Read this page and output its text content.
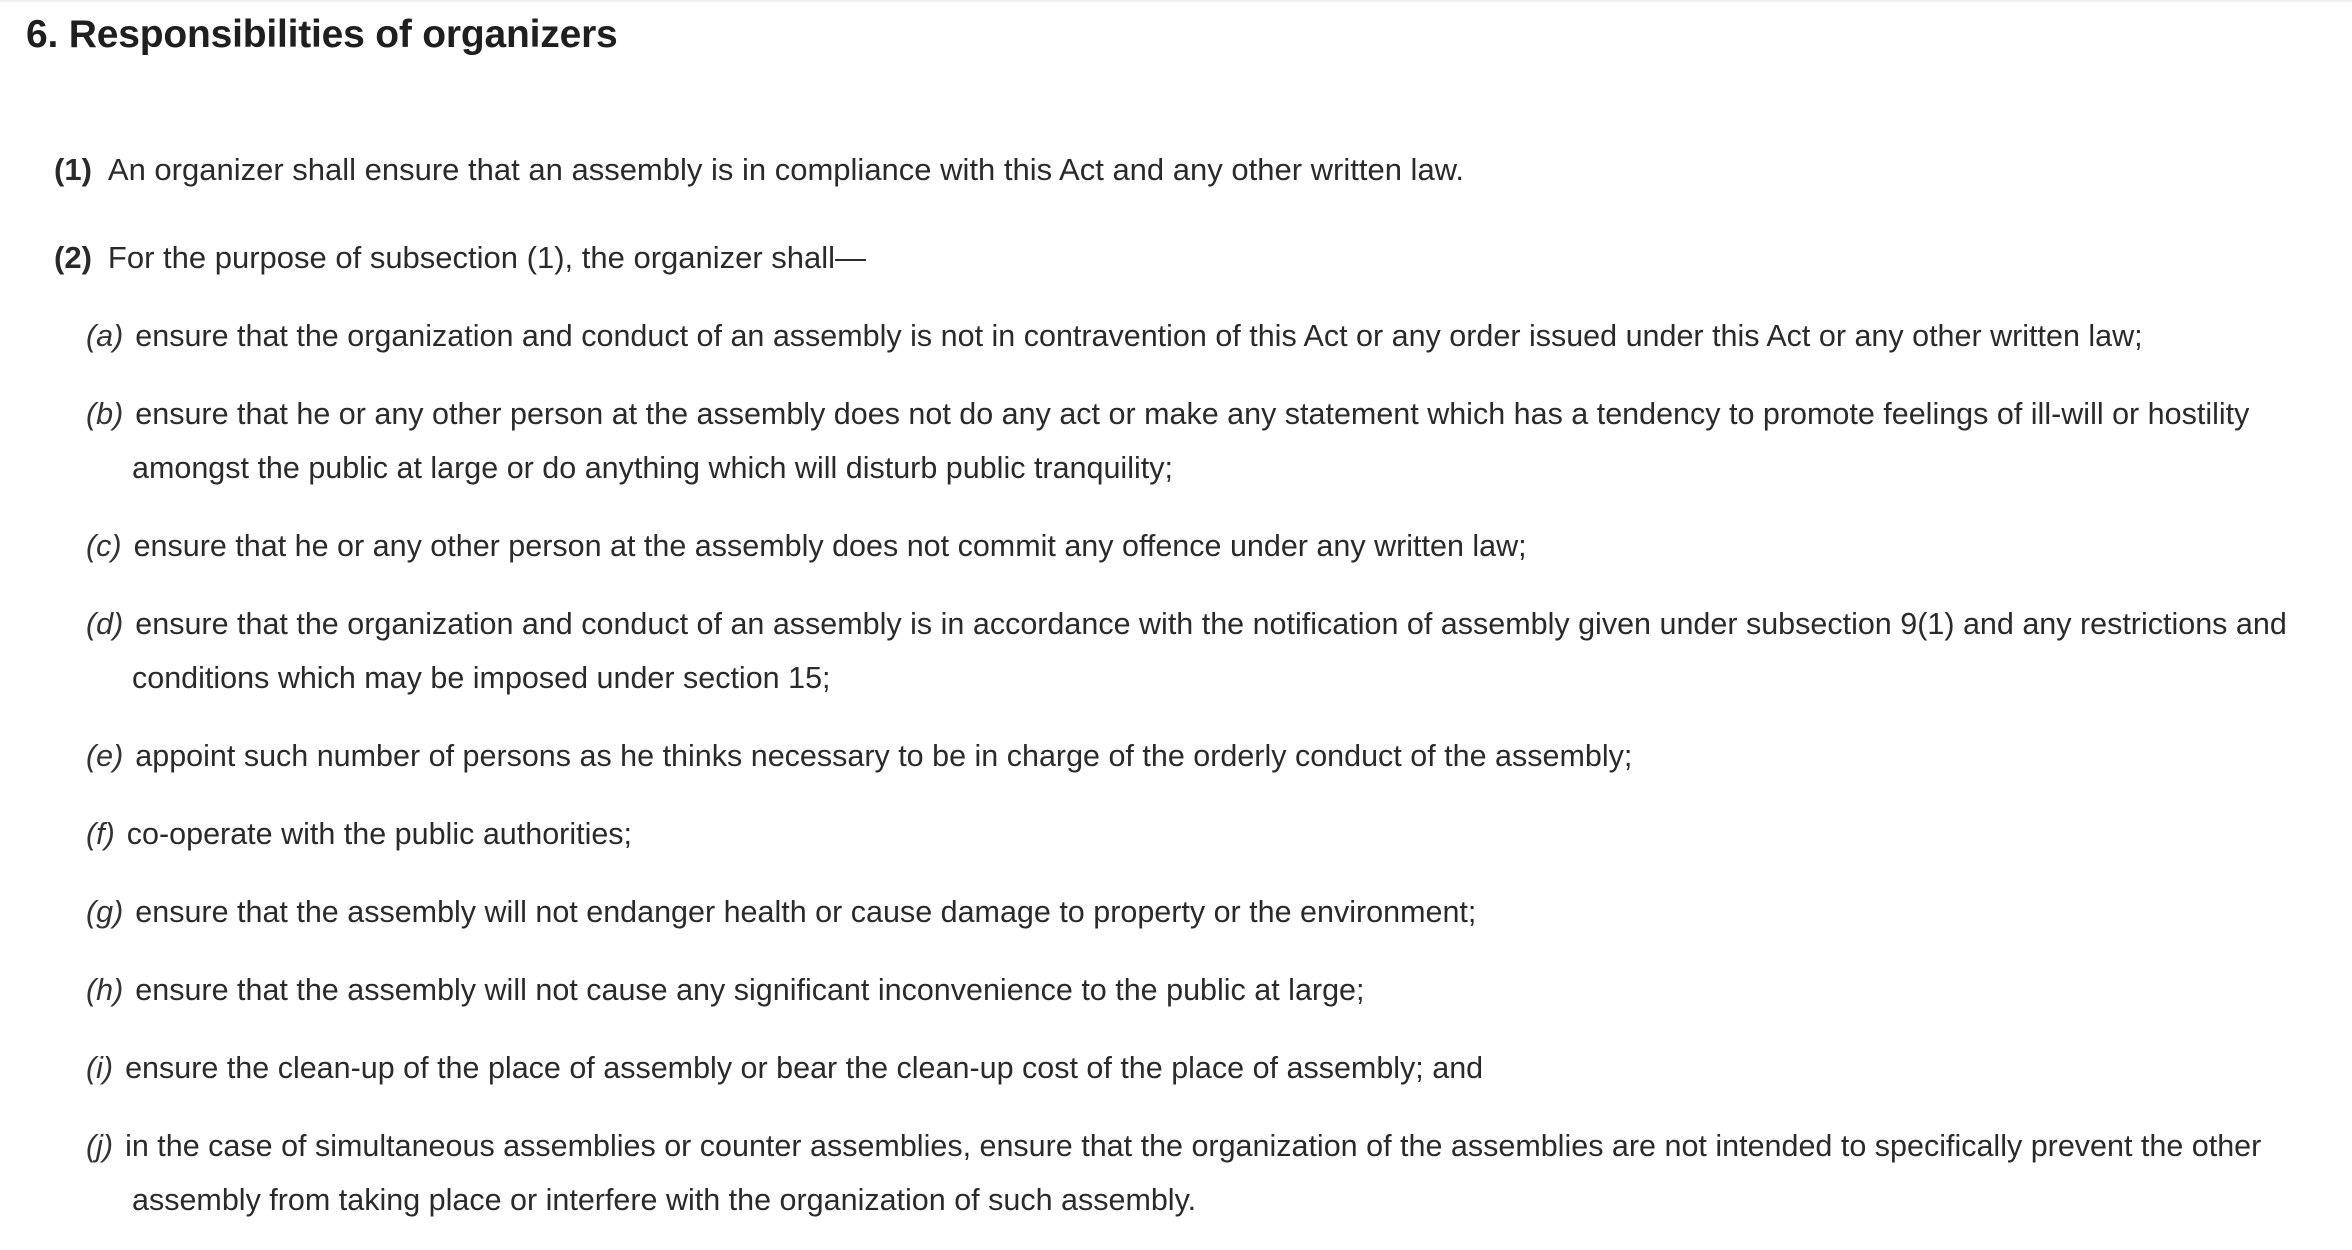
6. Responsibilities of organizers
(1) An organizer shall ensure that an assembly is in compliance with this Act and any other written law.
(2) For the purpose of subsection (1), the organizer shall—
(a) ensure that the organization and conduct of an assembly is not in contravention of this Act or any order issued under this Act or any other written law;
(b) ensure that he or any other person at the assembly does not do any act or make any statement which has a tendency to promote feelings of ill-will or hostility
amongst the public at large or do anything which will disturb public tranquility;
(c) ensure that he or any other person at the assembly does not commit any offence under any written law;
(d) ensure that the organization and conduct of an assembly is in accordance with the notification of assembly given under subsection 9(1) and any restrictions and
conditions which may be imposed under section 15;
(e) appoint such number of persons as he thinks necessary to be in charge of the orderly conduct of the assembly;
(f) co-operate with the public authorities;
(g) ensure that the assembly will not endanger health or cause damage to property or the environment;
(h) ensure that the assembly will not cause any significant inconvenience to the public at large;
(i) ensure the clean-up of the place of assembly or bear the clean-up cost of the place of assembly; and
(j) in the case of simultaneous assemblies or counter assemblies, ensure that the organization of the assemblies are not intended to specifically prevent the other
assembly from taking place or interfere with the organization of such assembly.
